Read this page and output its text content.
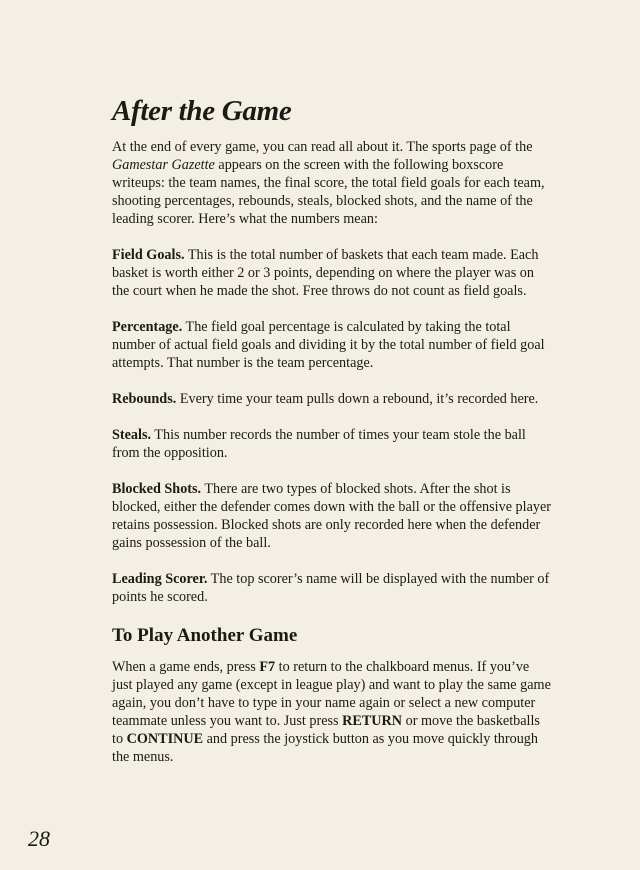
After the Game

At the end of every game, you can read all about it. The sports page of the Gamestar Gazette appears on the screen with the following boxscore writeups: the team names, the final score, the total field goals for each team, shooting percentages, rebounds, steals, blocked shots, and the name of the leading scorer. Here’s what the numbers mean:

Field Goals. This is the total number of baskets that each team made. Each basket is worth either 2 or 3 points, depending on where the player was on the court when he made the shot. Free throws do not count as field goals.

Percentage. The field goal percentage is calculated by taking the total number of actual field goals and dividing it by the total number of field goal attempts. That number is the team percentage.

Rebounds. Every time your team pulls down a rebound, it’s recorded here.

Steals. This number records the number of times your team stole the ball from the opposition.

Blocked Shots. There are two types of blocked shots. After the shot is blocked, either the defender comes down with the ball or the offensive player retains possession. Blocked shots are only recorded here when the defender gains possession of the ball.

Leading Scorer. The top scorer’s name will be displayed with the number of points he scored.

To Play Another Game

When a game ends, press F7 to return to the chalkboard menus. If you’ve just played any game (except in league play) and want to play the same game again, you don’t have to type in your name again or select a new computer teammate unless you want to. Just press RETURN or move the basketballs to CONTINUE and press the joystick button as you move quickly through the menus.

28
